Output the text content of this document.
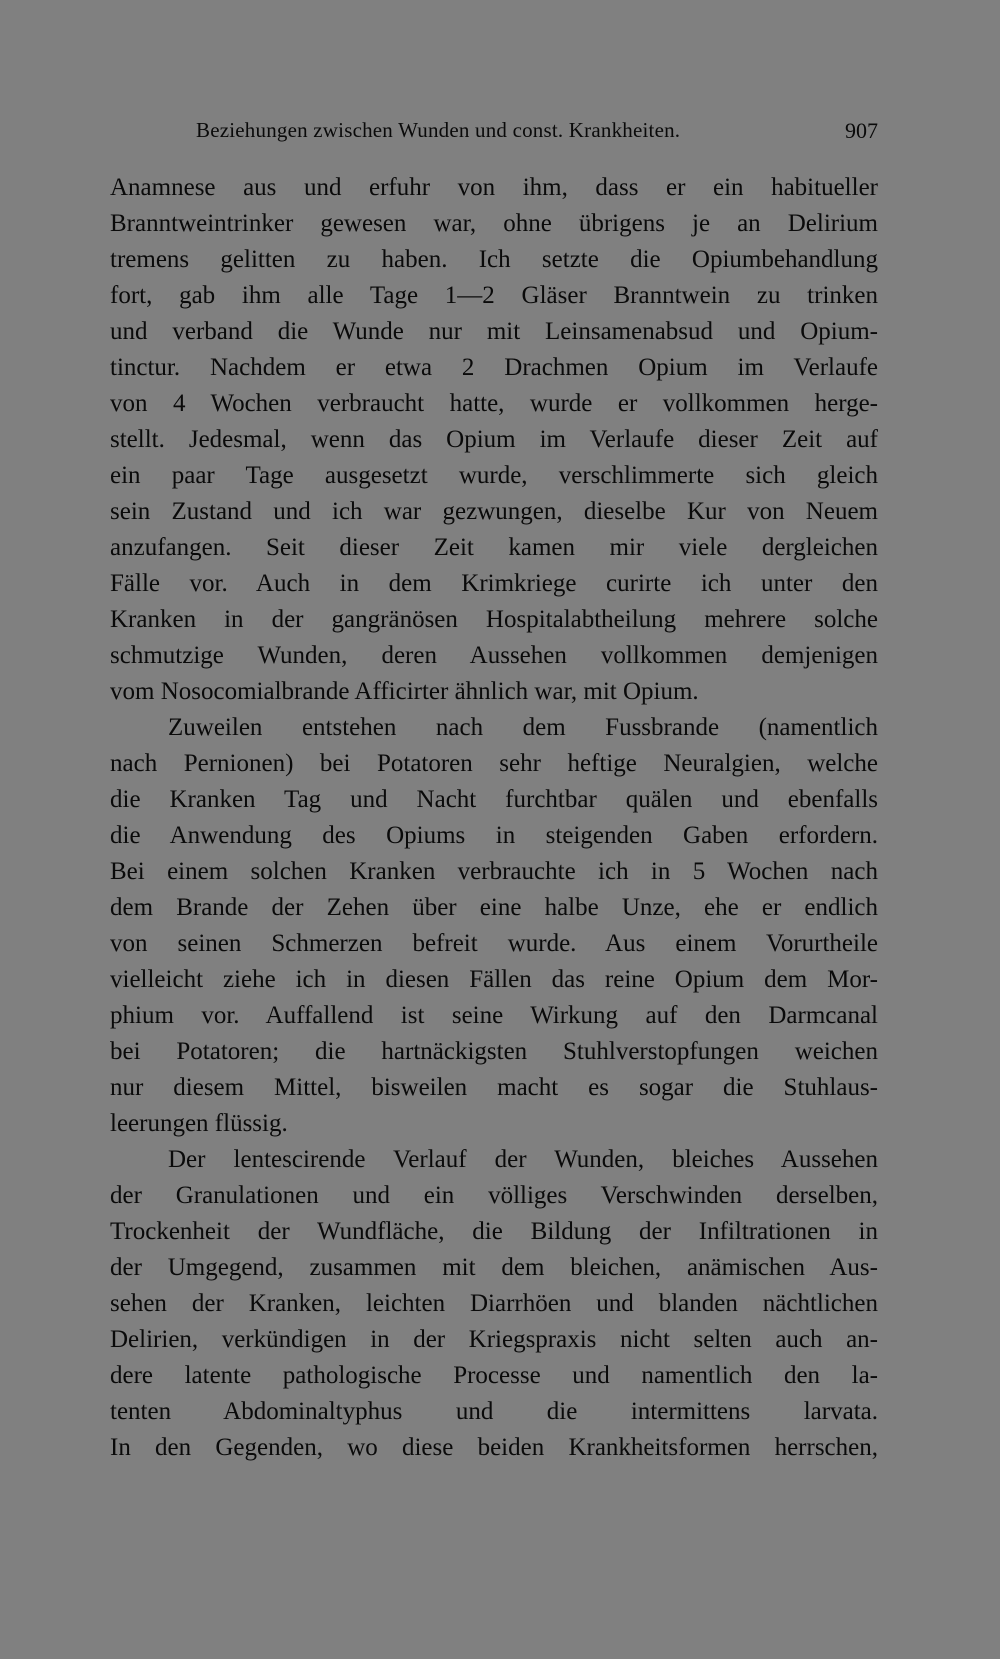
Beziehungen zwischen Wunden und const. Krankheiten.	907
Anamnese aus und erfuhr von ihm, dass er ein habitueller
Branntweintrinker gewesen war, ohne übrigens je an Delirium
tremens gelitten zu haben. Ich setzte die Opiumbehandlung
fort, gab ihm alle Tage 1—2 Gläser Branntwein zu trinken
und verband die Wunde nur mit Leinsamenabsud und Opium-
tinctur. Nachdem er etwa 2 Drachmen Opium im Verlaufe
von 4 Wochen verbraucht hatte, wurde er vollkommen herge-
stellt. Jedesmal, wenn das Opium im Verlaufe dieser Zeit auf
ein paar Tage ausgesetzt wurde, verschlimmerte sich gleich
sein Zustand und ich war gezwungen, dieselbe Kur von Neuem
anzufangen. Seit dieser Zeit kamen mir viele dergleichen
Fälle vor. Auch in dem Krimkriege curirte ich unter den
Kranken in der gangränösen Hospitalabtheilung mehrere solche
schmutzige Wunden, deren Aussehen vollkommen demjenigen
vom Nosocomialbrande Afficirter ähnlich war, mit Opium.
Zuweilen entstehen nach dem Fussbrande (namentlich
nach Pernionen) bei Potatoren sehr heftige Neuralgien, welche
die Kranken Tag und Nacht furchtbar quälen und ebenfalls
die Anwendung des Opiums in steigenden Gaben erfordern.
Bei einem solchen Kranken verbrauchte ich in 5 Wochen nach
dem Brande der Zehen über eine halbe Unze, ehe er endlich
von seinen Schmerzen befreit wurde. Aus einem Vorurtheile
vielleicht ziehe ich in diesen Fällen das reine Opium dem Mor-
phium vor. Auffallend ist seine Wirkung auf den Darmcanal
bei Potatoren; die hartnäckigsten Stuhlverstopfungen weichen
nur diesem Mittel, bisweilen macht es sogar die Stuhlaus-
leerungen flüssig.
Der lentescirende Verlauf der Wunden, bleiches Aussehen
der Granulationen und ein völliges Verschwinden derselben,
Trockenheit der Wundfläche, die Bildung der Infiltrationen in
der Umgegend, zusammen mit dem bleichen, anämischen Aus-
sehen der Kranken, leichten Diarrhöen und blanden nächtlichen
Delirien, verkündigen in der Kriegspraxis nicht selten auch an-
dere latente pathologische Processe und namentlich den la-
tenten Abdominaltyphus und die intermittens larvata.
In den Gegenden, wo diese beiden Krankheitsformen herrschen,
